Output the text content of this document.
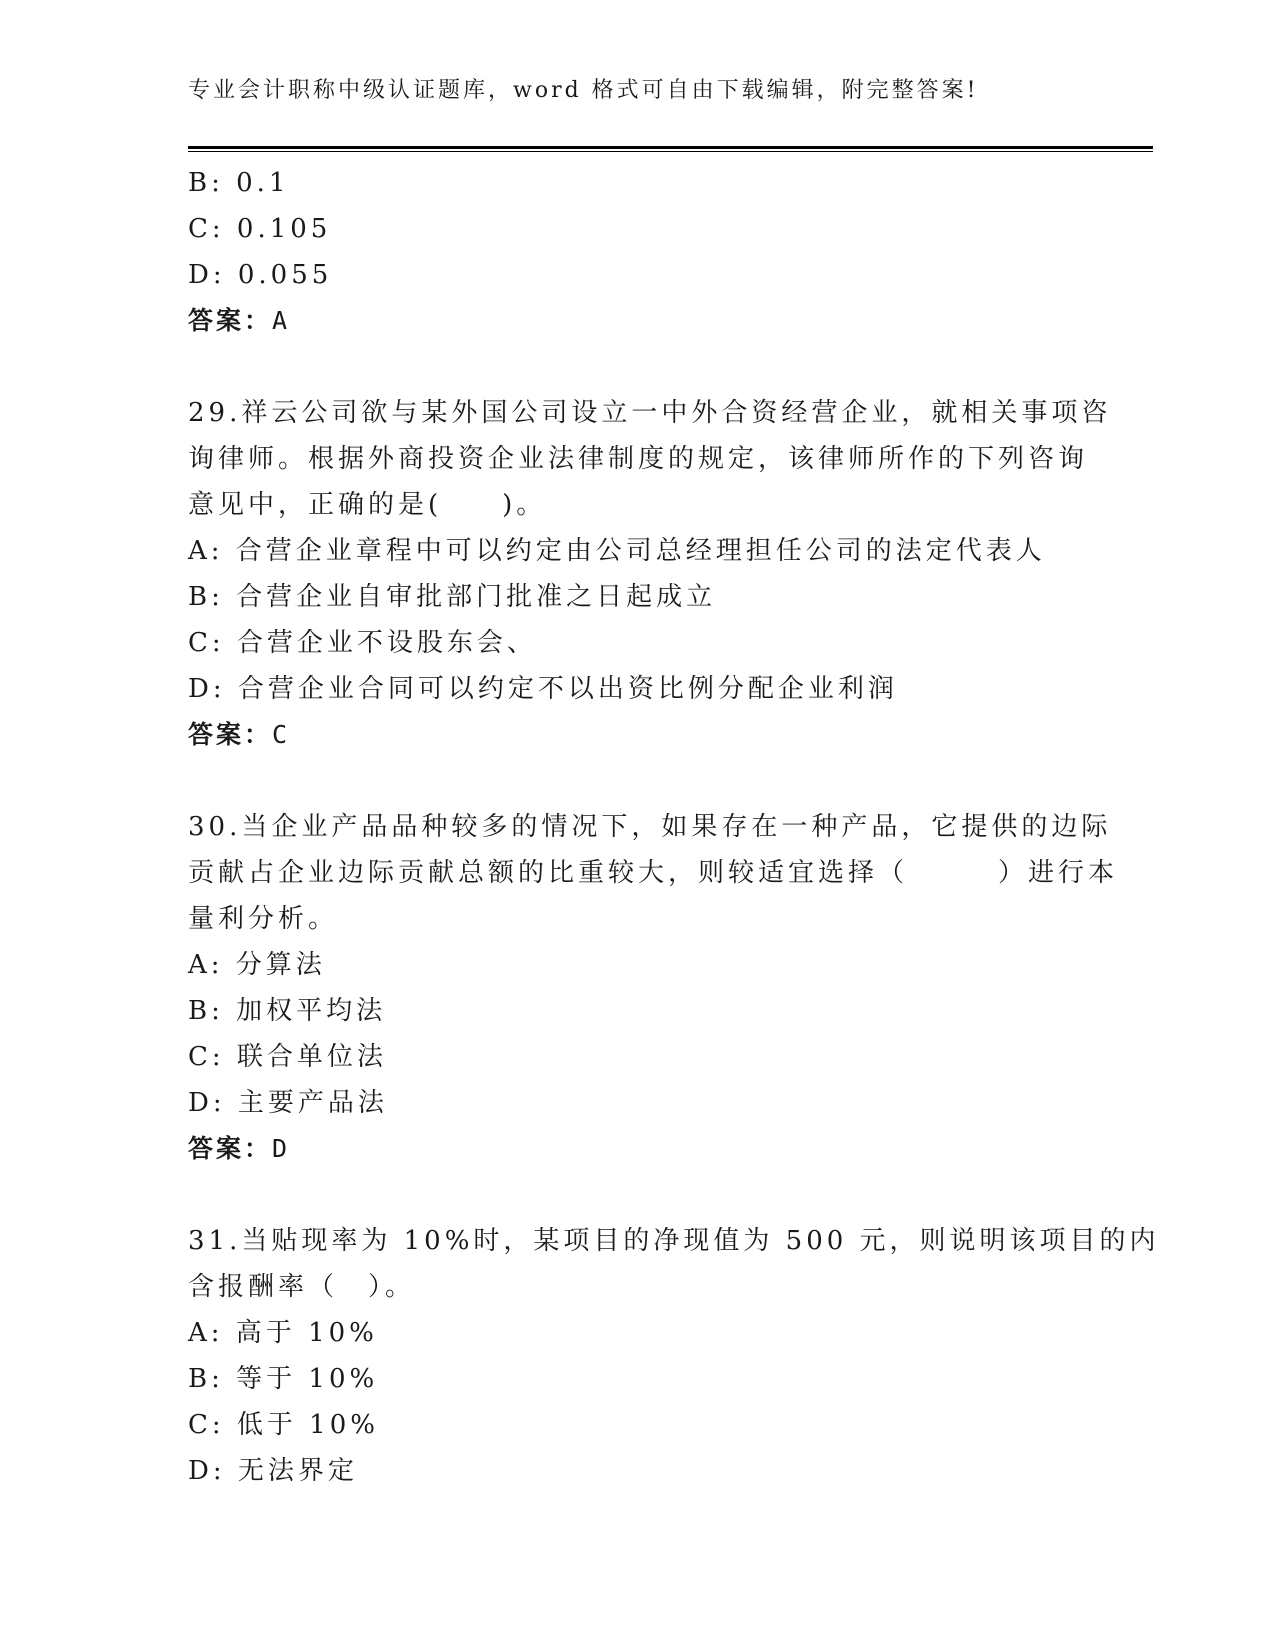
专业会计职称中级认证题库，word 格式可自由下载编辑，附完整答案!
B: 0.1
C: 0.105
D: 0.055
答案：A
29.祥云公司欲与某外国公司设立一中外合资经营企业，就相关事项咨
询律师。根据外商投资企业法律制度的规定，该律师所作的下列咨询
意见中，正确的是(　　)。
A: 合营企业章程中可以约定由公司总经理担任公司的法定代表人
B: 合营企业自审批部门批准之日起成立
C: 合营企业不设股东会、
D: 合营企业合同可以约定不以出资比例分配企业利润
答案：C
30.当企业产品品种较多的情况下，如果存在一种产品，它提供的边际
贡献占企业边际贡献总额的比重较大，则较适宜选择（　　　）进行本
量利分析。
A: 分算法
B: 加权平均法
C: 联合单位法
D: 主要产品法
答案：D
31.当贴现率为 10%时，某项目的净现值为 500 元，则说明该项目的内
含报酬率（　）。
A: 高于 10%
B: 等于 10%
C: 低于 10%
D: 无法界定
